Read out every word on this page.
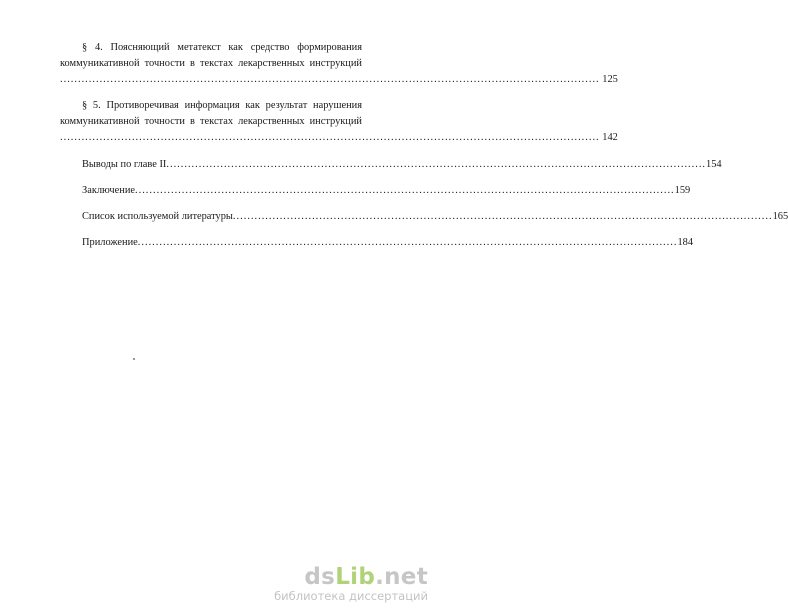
§ 4. Поясняющий метатекст как средство формирования
коммуникативной точности в текстах лекарственных инструкций
..... 125
§ 5. Противоречивая информация как результат нарушения
коммуникативной точности в текстах лекарственных инструкций
..... 142
Выводы по главе II .....	154
Заключение .....	159
Список используемой литературы .....	165
Приложение .....	184
dsLib.net
библиотека диссертаций
